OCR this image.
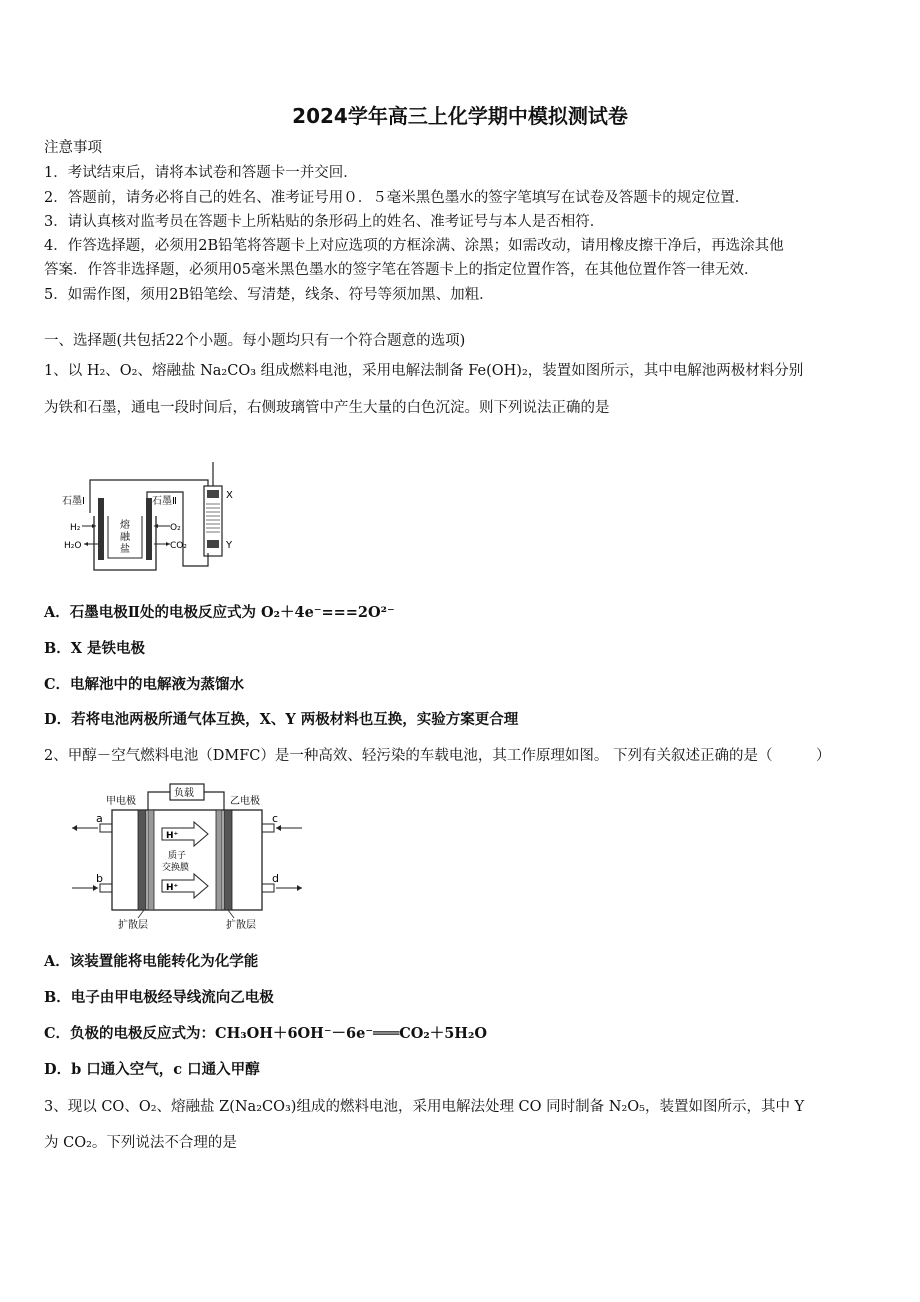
2024学年高三上化学期中模拟测试卷
注意事项
1．考试结束后，请将本试卷和答题卡一并交回．
2．答题前，请务必将自己的姓名、准考证号用０．５毫米黑色墨水的签字笔填写在试卷及答题卡的规定位置．
3．请认真核对监考员在答题卡上所粘贴的条形码上的姓名、准考证号与本人是否相符．
4．作答选择题，必须用2B铅笔将答题卡上对应选项的方框涂满、涂黑；如需改动，请用橡皮擦干净后，再选涂其他
答案．作答非选择题，必须用05毫米黑色墨水的签字笔在答题卡上的指定位置作答，在其他位置作答一律无效．
5．如需作图，须用2B铅笔绘、写清楚，线条、符号等须加黑、加粗．
一、选择题(共包括22个小题。每小题均只有一个符合题意的选项)
1、以 H₂、O₂、熔融盐 Na₂CO₃ 组成燃料电池，采用电解法制备 Fe(OH)₂，装置如图所示，其中电解池两极材料分别
为铁和石墨，通电一段时间后，右侧玻璃管中产生大量的白色沉淀。则下列说法正确的是
石墨Ⅰ	石墨Ⅱ
H₂
H₂O
O₂
CO₂
熔
融
盐
X
Y
A．石墨电极Ⅱ处的电极反应式为 O₂＋4e⁻===2O²⁻
B．X 是铁电极
C．电解池中的电解液为蒸馏水
D．若将电池两极所通气体互换，X、Y 两极材料也互换，实验方案更合理
2、甲醇－空气燃料电池（DMFC）是一种高效、轻污染的车载电池，其工作原理如图。 下列有关叙述正确的是（　　　）
负载
甲电极	乙电极
H⁺
H⁺
质子
交换膜
a
b
c
d
扩散层	扩散层
A．该装置能将电能转化为化学能
B．电子由甲电极经导线流向乙电极
C．负极的电极反应式为：CH₃OH＋6OH⁻－6e⁻═══CO₂＋5H₂O
D．b 口通入空气，c 口通入甲醇
3、现以 CO、O₂、熔融盐 Z(Na₂CO₃)组成的燃料电池，采用电解法处理 CO 同时制备 N₂O₅，装置如图所示，其中 Y
为 CO₂。下列说法不合理的是
